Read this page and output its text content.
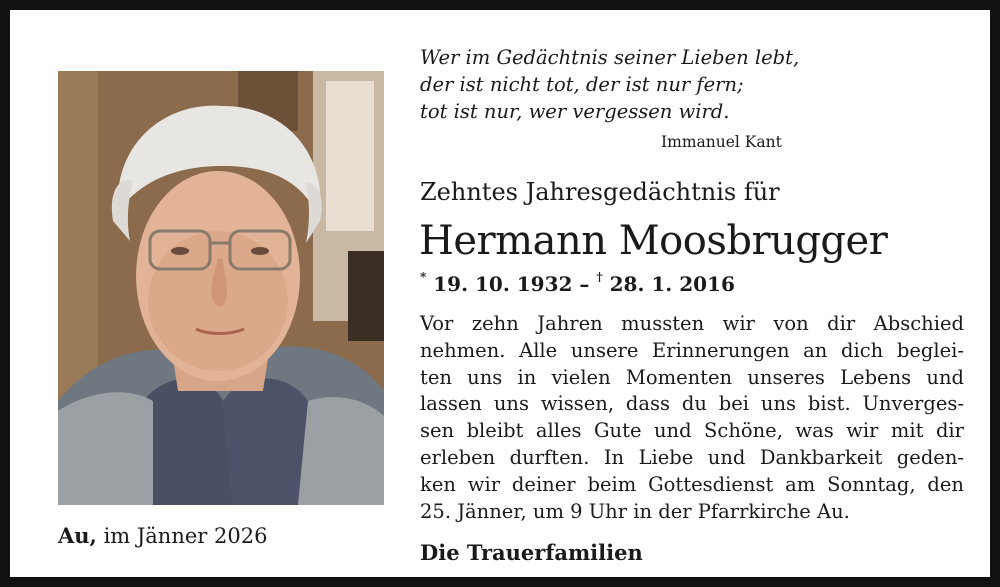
Wer im Gedächtnis seiner Lieben lebt,
der ist nicht tot, der ist nur fern;
tot ist nur, wer vergessen wird.
Immanuel Kant
Zehntes Jahresgedächtnis für
Hermann Moosbrugger
* 19. 10. 1932 – † 28. 1. 2016
Vor zehn Jahren mussten wir von dir Abschied
nehmen. Alle unsere Erinnerungen an dich beglei-
ten uns in vielen Momenten unseres Lebens und
lassen uns wissen, dass du bei uns bist. Unverges-
sen bleibt alles Gute und Schöne, was wir mit dir
erleben durften. In Liebe und Dankbarkeit geden-
ken wir deiner beim Gottesdienst am Sonntag, den
25. Jänner, um 9 Uhr in der Pfarrkirche Au.
Au, im Jänner 2026
Die Trauerfamilien
